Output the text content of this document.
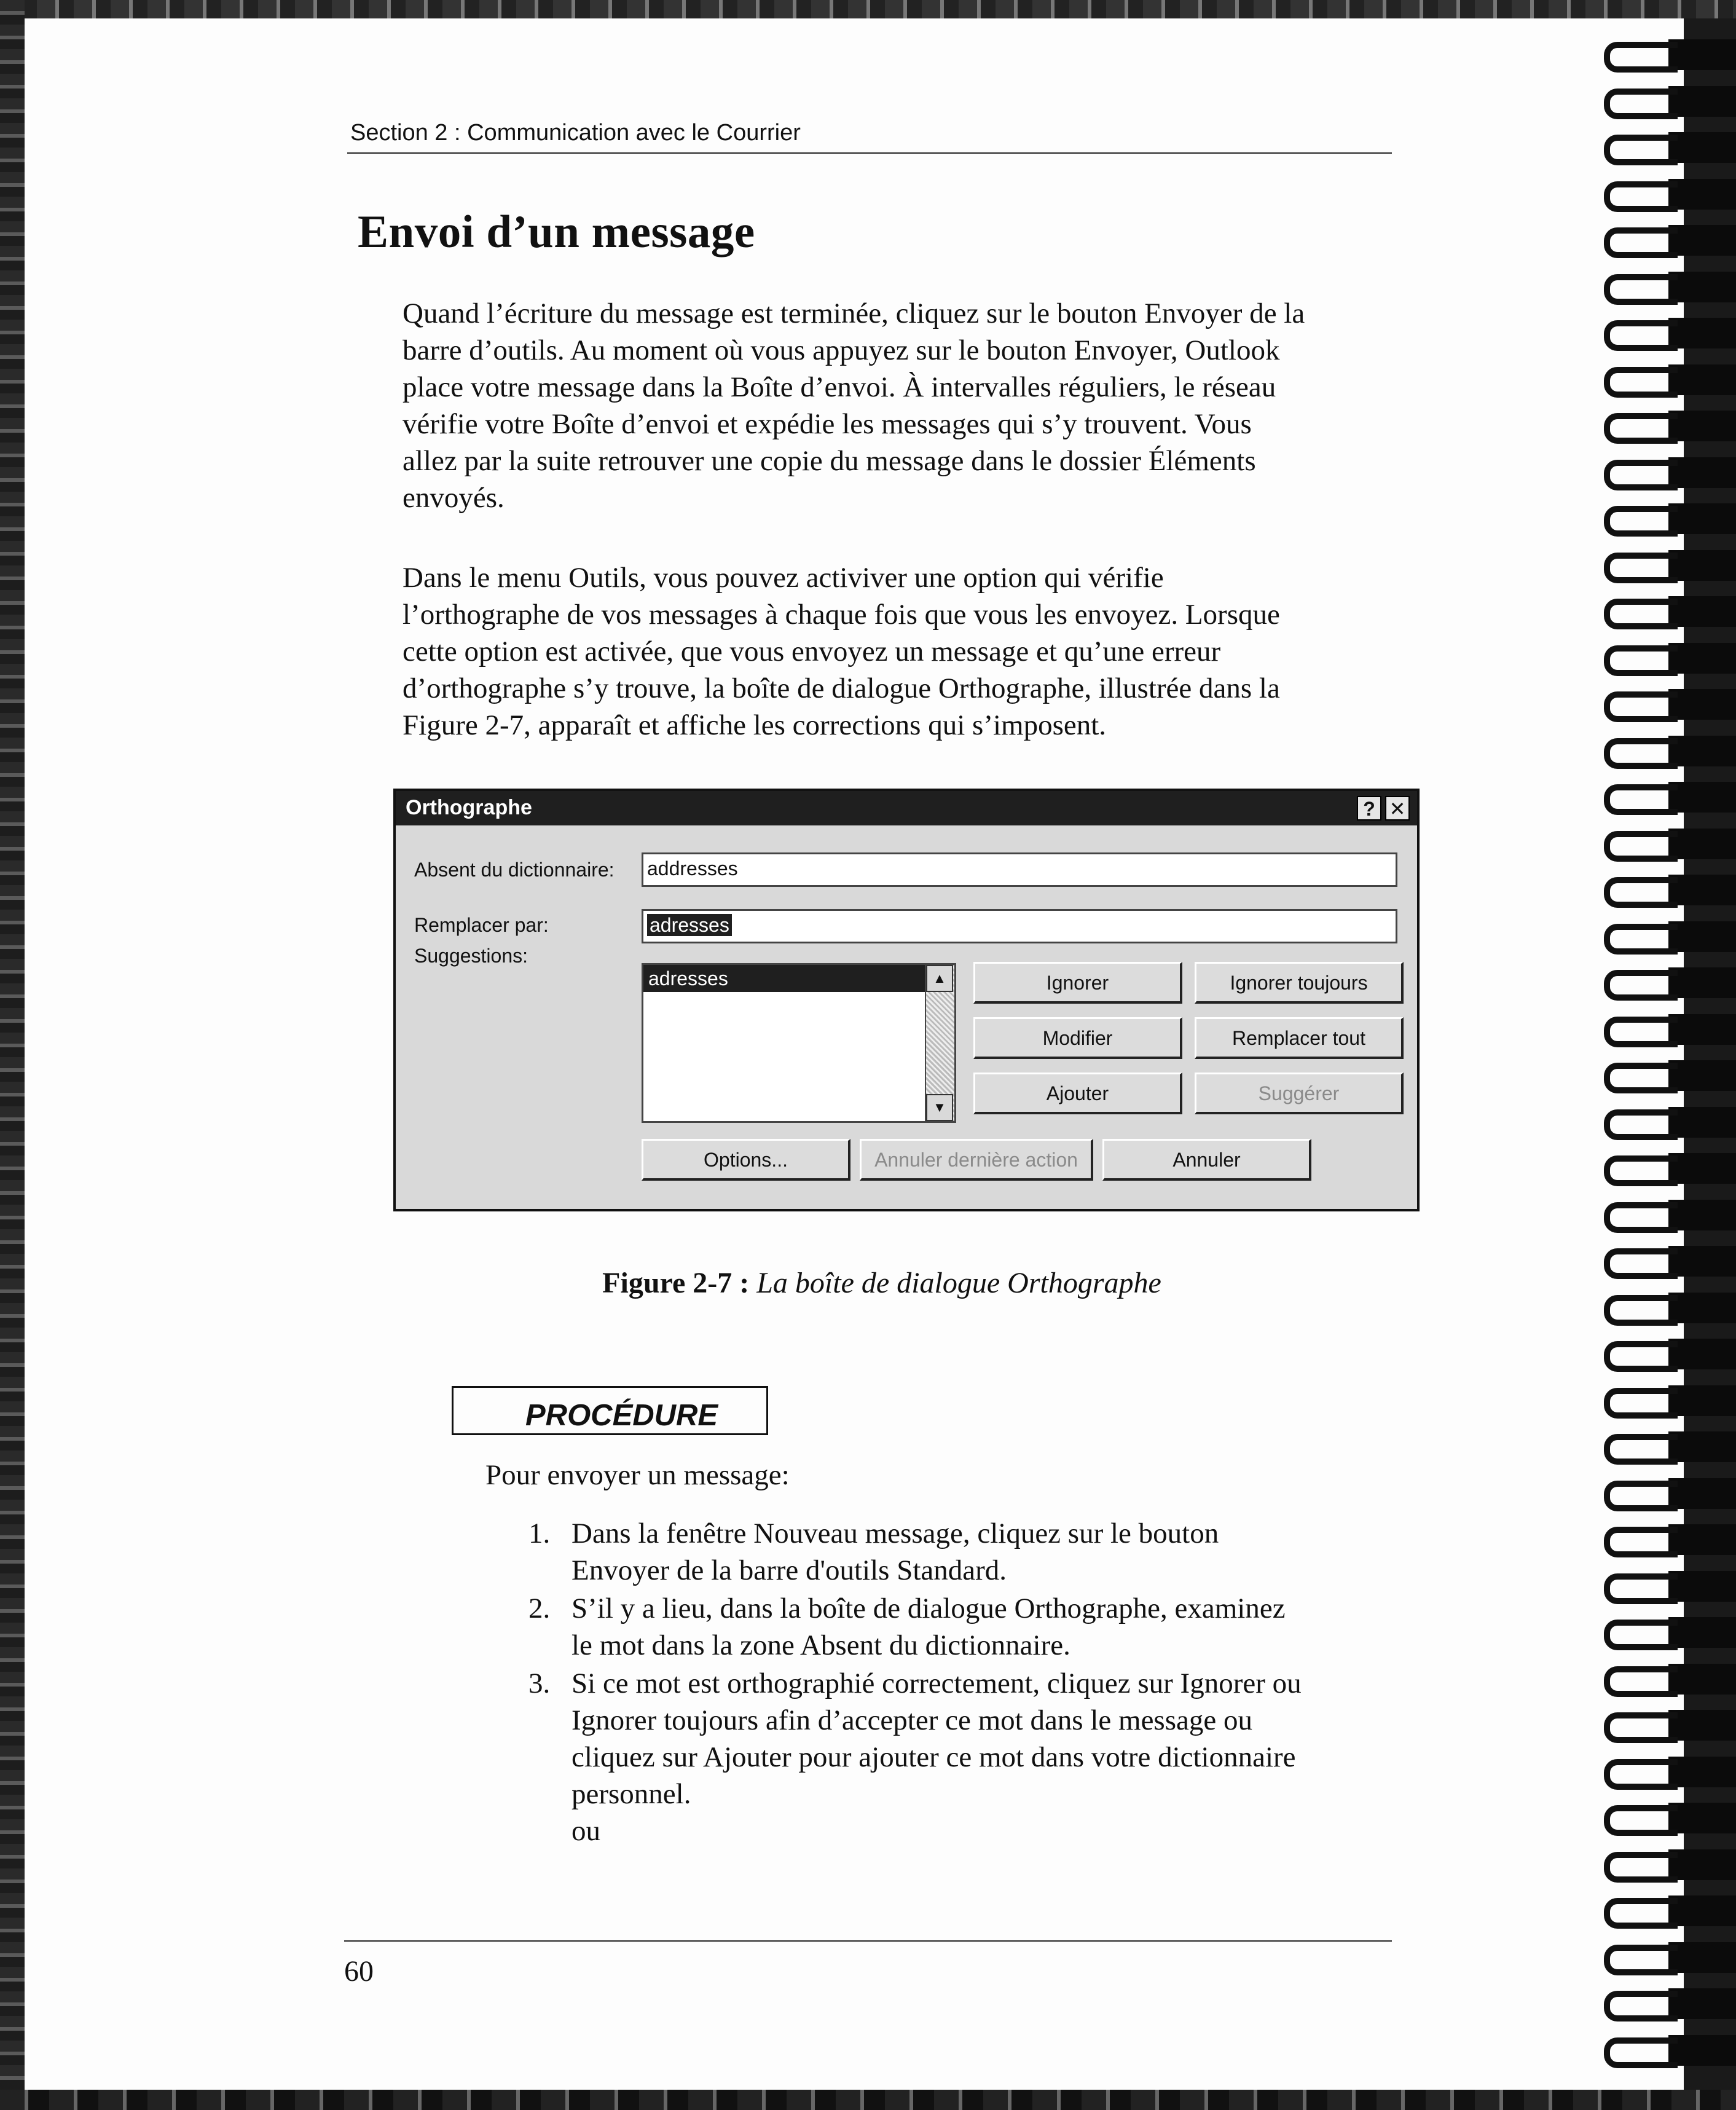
Section 2 : Communication avec le Courrier
Envoi d’un message

Quand l’écriture du message est terminée, cliquez sur le bouton Envoyer de la
barre d’outils. Au moment où vous appuyez sur le bouton Envoyer, Outlook
place votre message dans la Boîte d’envoi. À intervalles réguliers, le réseau
vérifie votre Boîte d’envoi et expédie les messages qui s’y trouvent. Vous
allez par la suite retrouver une copie du message dans le dossier Éléments
envoyés.

Dans le menu Outils, vous pouvez activiver une option qui vérifie
l’orthographe de vos messages à chaque fois que vous les envoyez. Lorsque
cette option est activée, que vous envoyez un message et qu’une erreur
d’orthographe s’y trouve, la boîte de dialogue Orthographe, illustrée dans la
Figure 2-7, apparaît et affiche les corrections qui s’imposent.

Orthographe	? ✕
Absent du dictionnaire: addresses
Remplacer par:	adresses
Suggestions:
adresses	▲
▼
Ignorer	Ignorer toujours
Modifier	Remplacer tout
Ajouter	Suggérer
Options...	Annuler dernière action	Annuler

Figure 2-7 : La boîte de dialogue Orthographe

PROCÉDURE
Pour envoyer un message:
1. Dans la fenêtre Nouveau message, cliquez sur le bouton
Envoyer de la barre d'outils Standard.
2. S’il y a lieu, dans la boîte de dialogue Orthographe, examinez
le mot dans la zone Absent du dictionnaire.
3. Si ce mot est orthographié correctement, cliquez sur Ignorer ou
Ignorer toujours afin d’accepter ce mot dans le message ou
cliquez sur Ajouter pour ajouter ce mot dans votre dictionnaire
personnel.
ou
60
